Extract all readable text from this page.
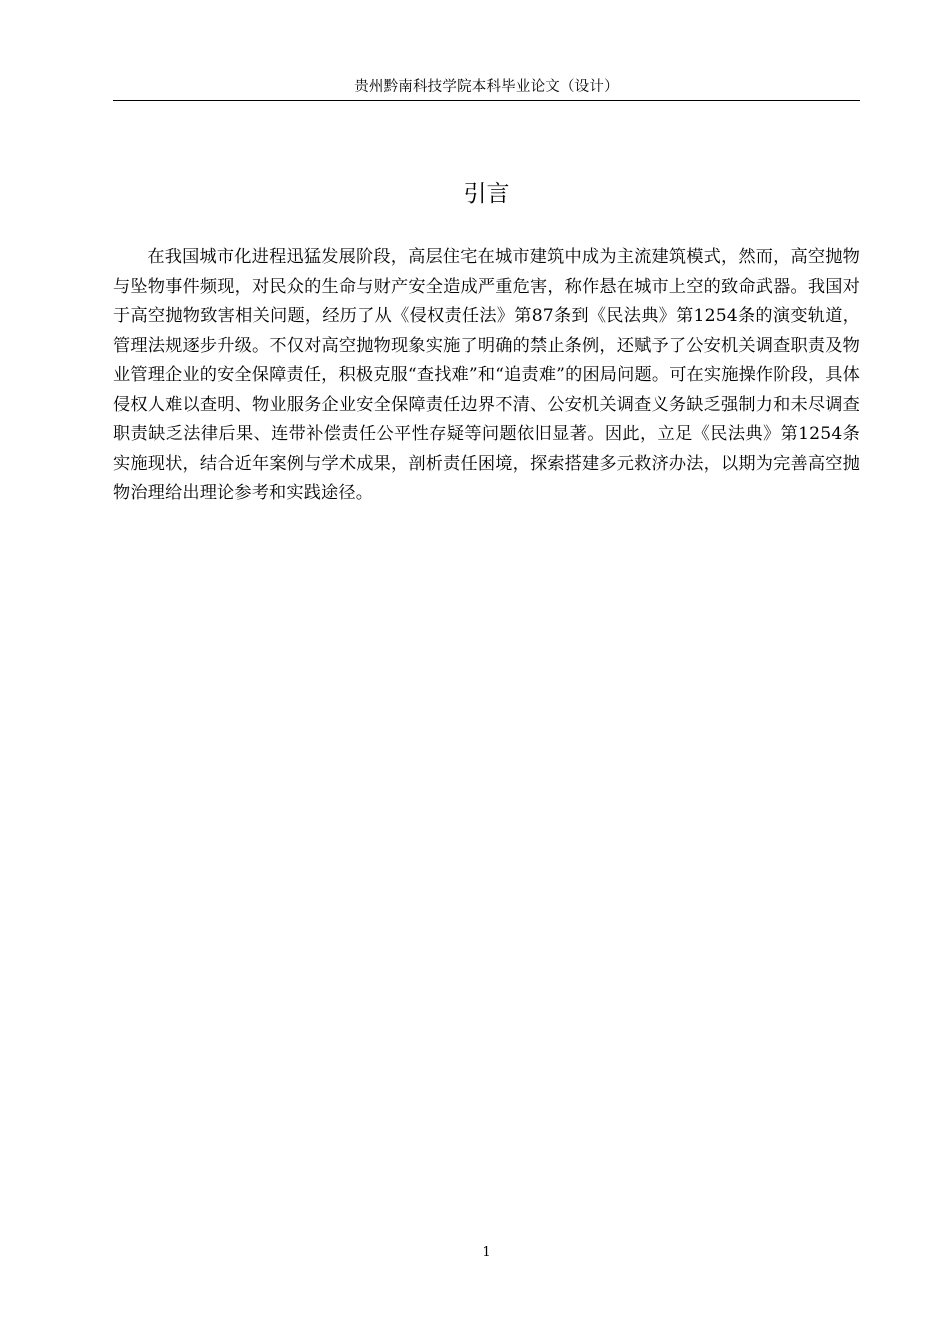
贵州黔南科技学院本科毕业论文（设计）
引言

在我国城市化进程迅猛发展阶段，高层住宅在城市建筑中成为主流建筑模式，然而，高空抛物与坠物事件频现，对民众的生命与财产安全造成严重危害，称作悬在城市上空的致命武器。我国对于高空抛物致害相关问题，经历了从《侵权责任法》第87条到《民法典》第1254条的演变轨道，管理法规逐步升级。不仅对高空抛物现象实施了明确的禁止条例，还赋予了公安机关调查职责及物业管理企业的安全保障责任，积极克服“查找难”和“追责难”的困局问题。可在实施操作阶段，具体侵权人难以查明、物业服务企业安全保障责任边界不清、公安机关调查义务缺乏强制力和未尽调查职责缺乏法律后果、连带补偿责任公平性存疑等问题依旧显著。因此，立足《民法典》第1254条实施现状，结合近年案例与学术成果，剖析责任困境，探索搭建多元救济办法，以期为完善高空抛物治理给出理论参考和实践途径。

1
